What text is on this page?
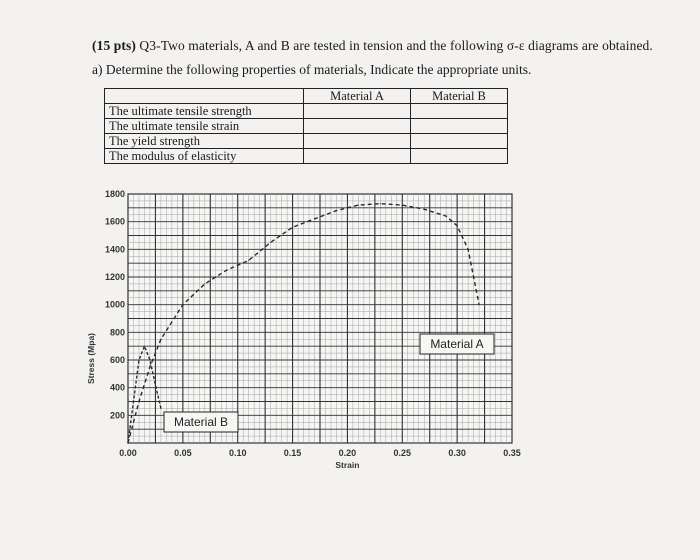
(15 pts) Q3-Two materials, A and B are tested in tension and the following σ-ε diagrams are obtained.
a) Determine the following properties of materials, Indicate the appropriate units.
	Material A	Material B
The ultimate tensile strength		
The ultimate tensile strain		
The yield strength		
The modulus of elasticity		
200
400
600
800
1000
1200
1400
1600
1800
0.00	0.05	0.10	0.15	0.20	0.25	0.30	0.35
Strain
Stress (Mpa)	Material A
Material B
